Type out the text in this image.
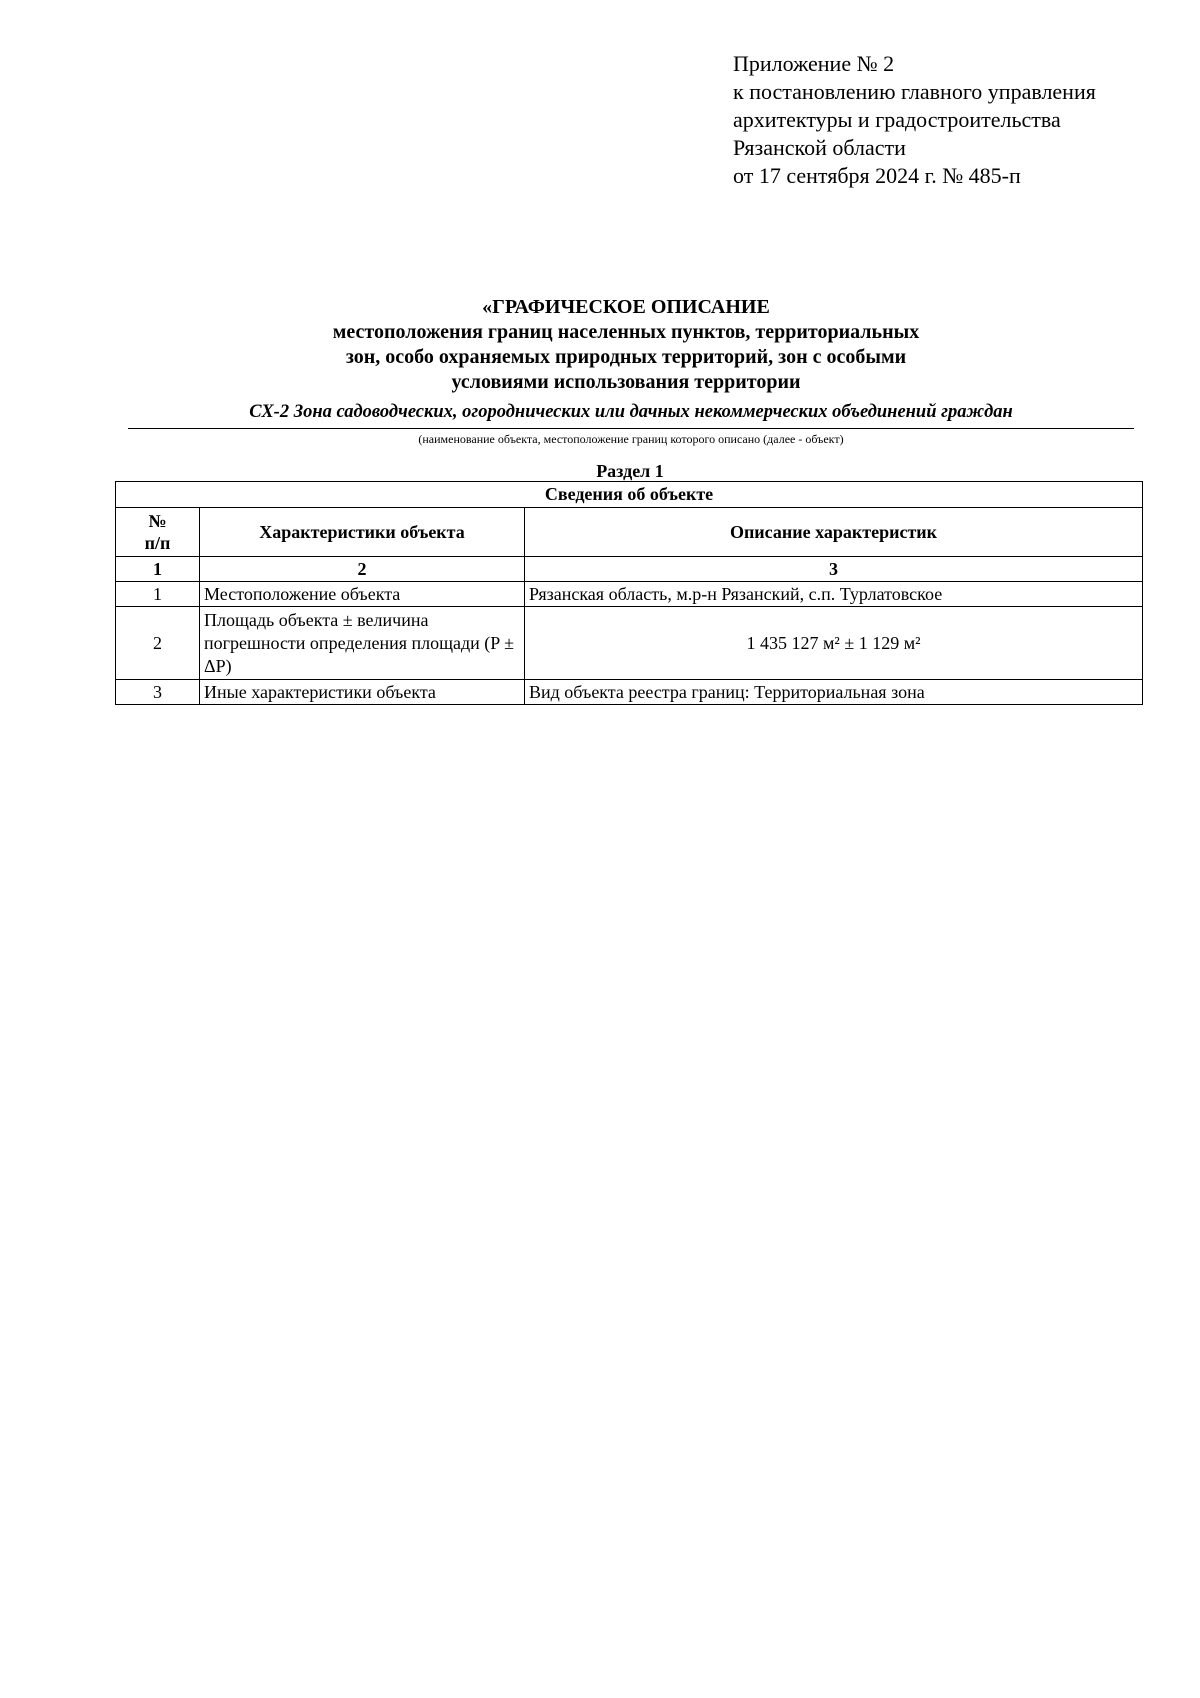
Приложение № 2
к постановлению главного управления
архитектуры и градостроительства
Рязанской области
от 17 сентября 2024 г. № 485-п
«ГРАФИЧЕСКОЕ ОПИСАНИЕ
местоположения границ населенных пунктов, территориальных
зон, особо охраняемых природных территорий, зон с особыми
условиями использования территории
СХ-2 Зона садоводческих, огороднических или дачных некоммерческих объединений граждан
(наименование объекта, местоположение границ которого описано (далее - объект)
Раздел 1
Сведения об объекте		

№
п/п	Характеристики объекта	Описание характеристик
1	2	3
1	Местоположение объекта	Рязанская область, м.р-н Рязанский, с.п. Турлатовское
2	Площадь объекта ± величина погрешности определения площади (P ± ΔP)	1 435 127 м² ± 1 129 м²
3	Иные характеристики объекта	Вид объекта реестра границ: Территориальная зона
